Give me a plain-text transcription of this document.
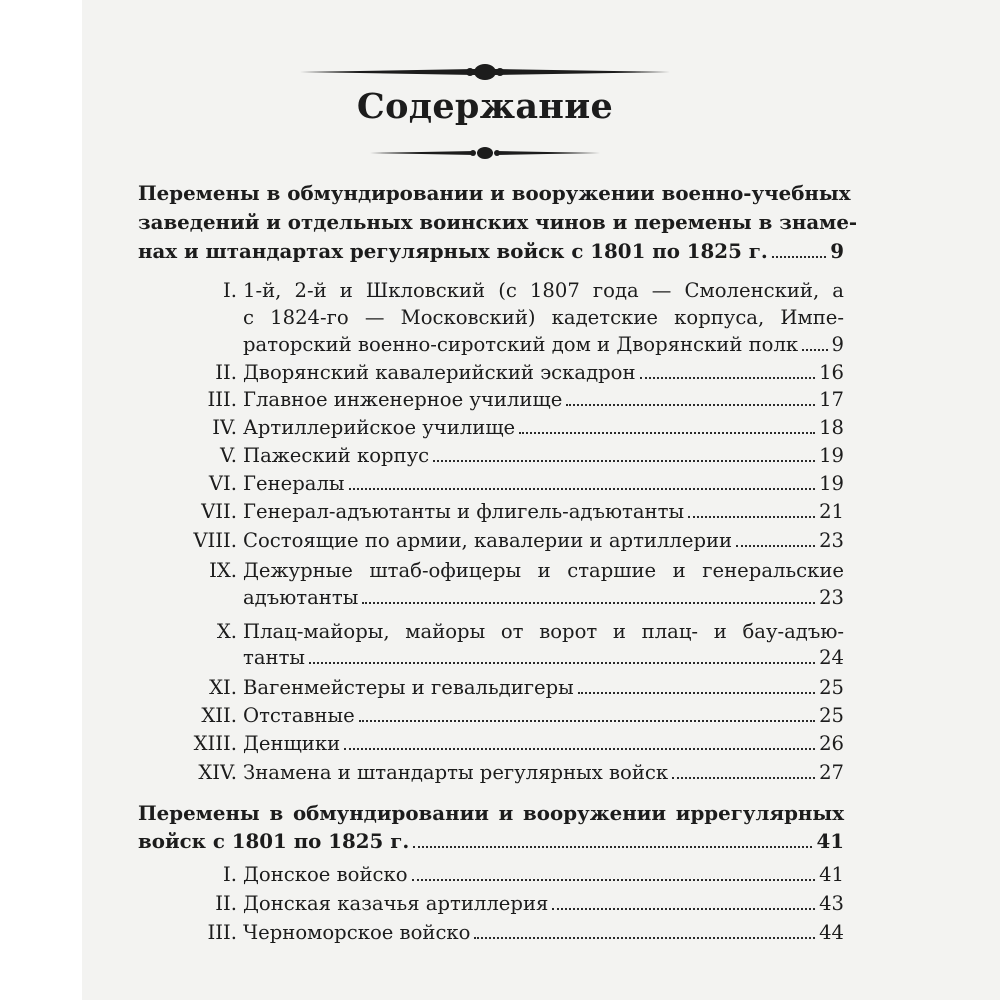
Содержание
Перемены в обмундировании и вооружении военно-учебных
заведений и отдельных воинских чинов и перемены в знаме-
нах и штандартах регулярных войск с 1801 по 1825 г.	9
I. 1-й, 2-й и Шкловский (с 1807 года — Смоленский, а
с 1824-го — Московский) кадетские корпуса, Импе-
раторский военно-сиротский дом и Дворянский полк 9
II. Дворянский кавалерийский эскадрон	16
III. Главное инженерное училище	17
IV. Артиллерийское училище	18
V. Пажеский корпус	19
VI. Генералы	19
VII. Генерал-адъютанты и флигель-адъютанты	21
VIII. Состоящие по армии, кавалерии и артиллерии	23
IX. Дежурные штаб-офицеры и старшие и генеральские
адъютанты	23
X. Плац-майоры, майоры от ворот и плац- и бау-адъю-
танты	24
XI. Вагенмейстеры и гевальдигеры	25
XII. Отставные	25
XIII. Денщики	26
XIV. Знамена и штандарты регулярных войск	27
Перемены в обмундировании и вооружении иррегулярных
войск с 1801 по 1825 г.	41
I. Донское войско	41
II. Донская казачья артиллерия	43
III. Черноморское войско	44
